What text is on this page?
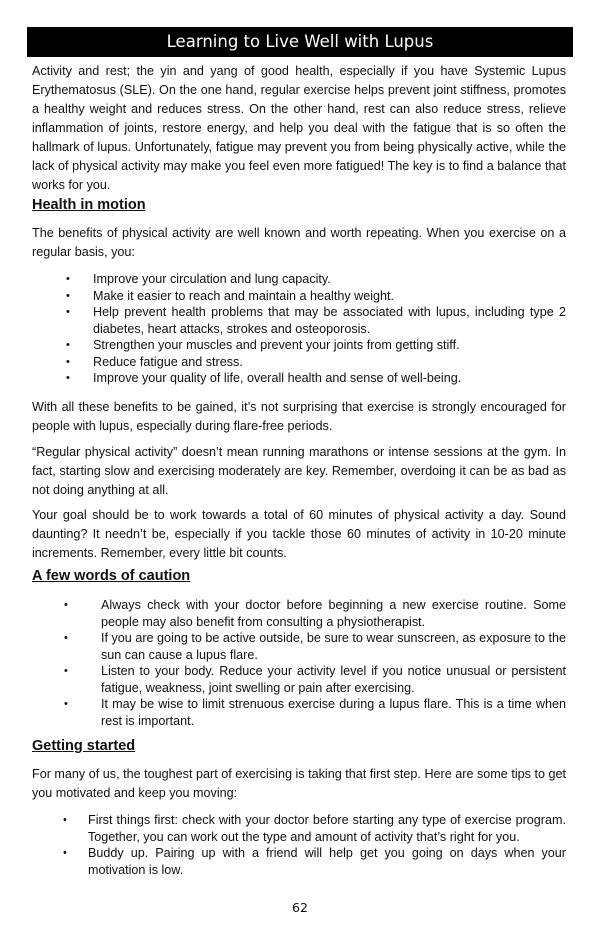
Learning to Live Well with Lupus

Activity and rest; the yin and yang of good health, especially if you have Systemic Lupus Erythematosus (SLE). On the one hand, regular exercise helps prevent joint stiffness, promotes a healthy weight and reduces stress. On the other hand, rest can also reduce stress, relieve inflammation of joints, restore energy, and help you deal with the fatigue that is so often the hallmark of lupus. Unfortunately, fatigue may prevent you from being physically active, while the lack of physical activity may make you feel even more fatigued! The key is to find a balance that works for you.

Health in motion

The benefits of physical activity are well known and worth repeating. When you exercise on a regular basis, you:

• Improve your circulation and lung capacity.
• Make it easier to reach and maintain a healthy weight.
• Help prevent health problems that may be associated with lupus, including type 2 diabetes, heart attacks, strokes and osteoporosis.
• Strengthen your muscles and prevent your joints from getting stiff.
• Reduce fatigue and stress.
• Improve your quality of life, overall health and sense of well-being.

With all these benefits to be gained, it’s not surprising that exercise is strongly encouraged for people with lupus, especially during flare-free periods.

“Regular physical activity” doesn’t mean running marathons or intense sessions at the gym. In fact, starting slow and exercising moderately are key. Remember, overdoing it can be as bad as not doing anything at all.

Your goal should be to work towards a total of 60 minutes of physical activity a day. Sound daunting? It needn’t be, especially if you tackle those 60 minutes of activity in 10-20 minute increments. Remember, every little bit counts.

A few words of caution
•	Always check with your doctor before beginning a new exercise routine. Some people may also benefit from consulting a physiotherapist.
•	If you are going to be active outside, be sure to wear sunscreen, as exposure to the sun can cause a lupus flare.
•	Listen to your body. Reduce your activity level if you notice unusual or persistent fatigue, weakness, joint swelling or pain after exercising.
•	It may be wise to limit strenuous exercise during a lupus flare. This is a time when rest is important.
Getting started

For many of us, the toughest part of exercising is taking that first step. Here are some tips to get you motivated and keep you moving:

• First things first: check with your doctor before starting any type of exercise program. Together, you can work out the type and amount of activity that’s right for you.
• Buddy up. Pairing up with a friend will help get you going on days when your motivation is low.
62
